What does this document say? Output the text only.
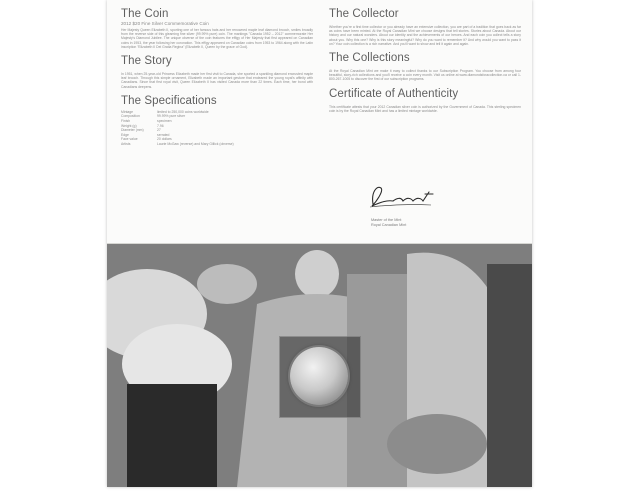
The Coin
2012 $20 Fine Silver Commemorative Coin

Her Majesty Queen Elizabeth II, sporting one of her famous hats and her renowned maple leaf diamond brooch, smiles broadly from the reverse side of this gleaming fine silver (99.99% pure) coin. The markings "Canada 1952 – 2012" commemorate Her Majesty's Diamond Jubilee. The unique obverse of the coin features the effigy of Her Majesty that first appeared on Canadian coins in 1953, the year following her coronation. This effigy appeared on Canadian coins from 1953 to 1964 along with the Latin inscription "Elizabeth II Dei Gratia Regina" (Elizabeth II, Queen by the grace of God).

The Story

In 1951, when 25-year-old Princess Elizabeth made her first visit to Canada, she sported a sparkling diamond encrusted maple leaf brooch. Through this simple ornament, Elizabeth made an important gesture that endeared the young royal's affinity with Canadians. Since that first royal visit, Queen Elizabeth II has visited Canada more than 22 times. Each time, her bond with Canadians deepens.

The Specifications
Mintage	limited to 250,000 coins worldwide
Composition	99.99% pure silver
Finish	specimen
Weight (g)	7.96
Diameter (mm)	27
Edge	serrated
Face value	20 dollars
Artists	Laurie McGaw (reverse) and Mary Gillick (obverse)
The Collector

Whether you're a first time collector or you already have an extensive collection, you are part of a tradition that goes back as far as coins have been minted. At the Royal Canadian Mint we choose designs that tell stories. Stories about Canada. About our history and our natural wonders. About our identity and the achievements of our heroes. And each coin you collect tells a story about you. Why this one? Why is this story meaningful? Why do you want to remember it? And why would you want to pass it on? Your coin collection is a rich narrative. And you'll want to show and tell it again and again.

The Collections

At the Royal Canadian Mint we make it easy to collect thanks to our Subscription Program. You choose from among four beautiful, story-rich collections and you'll receive a coin every month. Visit us online at www.diamondsforacollection.ca or call 1-800-267-1005 to discover the first of our subscription programs.

Certificate of Authenticity

This certificate attests that your 2012 Canadian silver coin is authorized by the Government of Canada. This sterling specimen coin is by the Royal Canadian Mint and has a limited mintage worldwide.

Master of the Mint
Royal Canadian Mint
